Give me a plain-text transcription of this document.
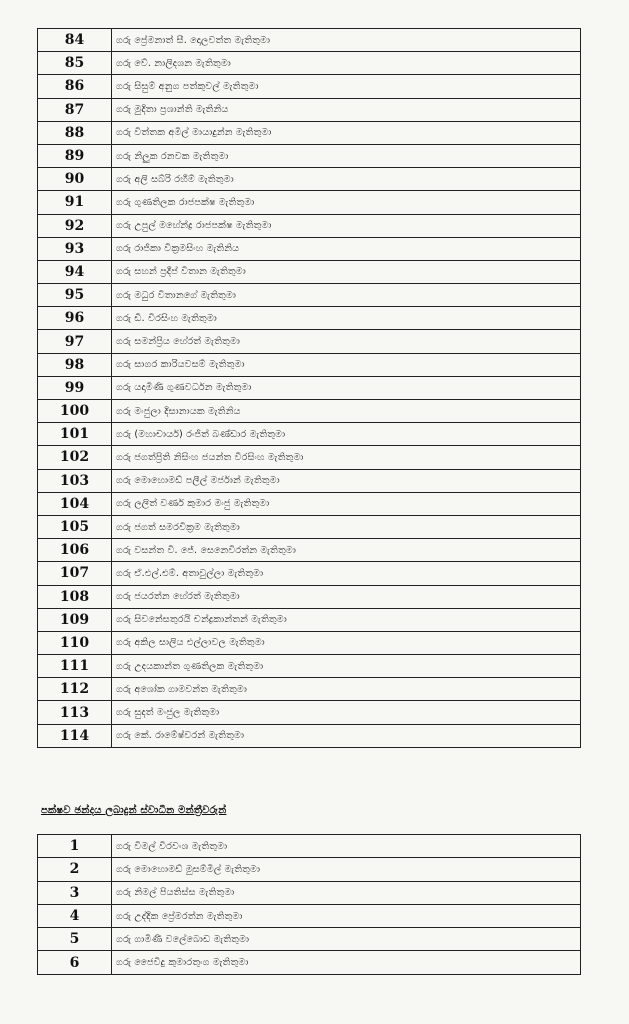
84	ගරු ප්‍රේමනාත් සී. දොලවත්ත මැතිතුමා
85	ගරු වේ. නාලිදශන මැතිතුමා
86	ගරු සිසුම් අනුග පත්කුවල් මැතිතුමා
87	ගරු මුදිතා ප්‍රශාන්ති මැතිනිය
88	ගරු විත්තක අමිල් මායාදුන්න මැතිතුමා
89	ගරු නිලුක රනවක මැතිතුමා
90	ගරු අලි සබ්රි රහීම් මැතිතුමා
91	ගරු ගුණතිලක රාජපක්ෂ මැතිතුමා
92	ගරු උපුල් මහේන්ද්‍ර රාජපක්ෂ මැතිතුමා
93	ගරු රාජිකා වික්‍රමසිංහ මැතිනිය
94	ගරු සහන් ප්‍රදීප් විතාන මැතිතුමා
95	ගරු මධුර විතානගේ මැතිතුමා
96	ගරු ඩී. වීරසිංහ මැතිතුමා
97	ගරු සමන්ප්‍රිය හේරත් මැතිතුමා
98	ගරු සාගර කාරියවසම් මැතිතුමා
99	ගරු යදාමිණි ගුණවර්ධන මැතිතුමා
100	ගරු මංජුලා දිසානායක මැතිනිය
101	ගරු (මහාචාර්ය) රංජිත් බණ්ඩාර මැතිතුමා
102	ගරු ජගත්ප්‍රිති නිසිංහ ජයන්ත වීරසිංහ මැතිතුමා
103	ගරු මොහොමඩ් පලීල් මර්ජාන් මැතිතුමා
104	ගරු ලලිත් වර්ණ කුමාර මංජු මැතිතුමා
105	ගරු ජගත් සමරවික්‍රම මැතිතුමා
106	ගරු වසන්ත වී. ජේ. සෙනෙවිරත්න මැතිතුමා
107	ගරු ඒ.එල්.එම්. අතාවුල්ලා මැතිතුමා
108	ගරු ජයරත්න හේරත් මැතිතුමා
109	ගරු සිවනේසතුරයි චන්ද්‍රකාන්තන් මැතිතුමා
110	ගරු අකිල සාලිය එල්ලාවල මැතිතුමා
111	ගරු උදයකාන්ත ගුණතිලක මැතිතුමා
112	ගරු අශෝක ගාමවන්ත මැතිතුමා
113	ගරු සුදත් මංජුල මැතිතුමා
114	ගරු කේ. රාමේෂ්වරන් මැතිතුමා
පක්ෂව ඡන්දය ලබාදුන් ස්වාධීන මන්ත්‍රීවරුන්
1	ගරු විමල් වීරවංශ මැතිතුමා
2	ගරු මොහොමඩ් මුසම්මිල් මැතිතුමා
3	ගරු නිමල් පියතිස්ස මැතිතුමා
4	ගරු උද්දික ප්‍රේමරත්න මැතිතුමා
5	ගරු ගාමිණී වලේබොඩ මැතිතුමා
6	ගරු ජෛවිදු කුමාරතුංග මැතිතුමා
